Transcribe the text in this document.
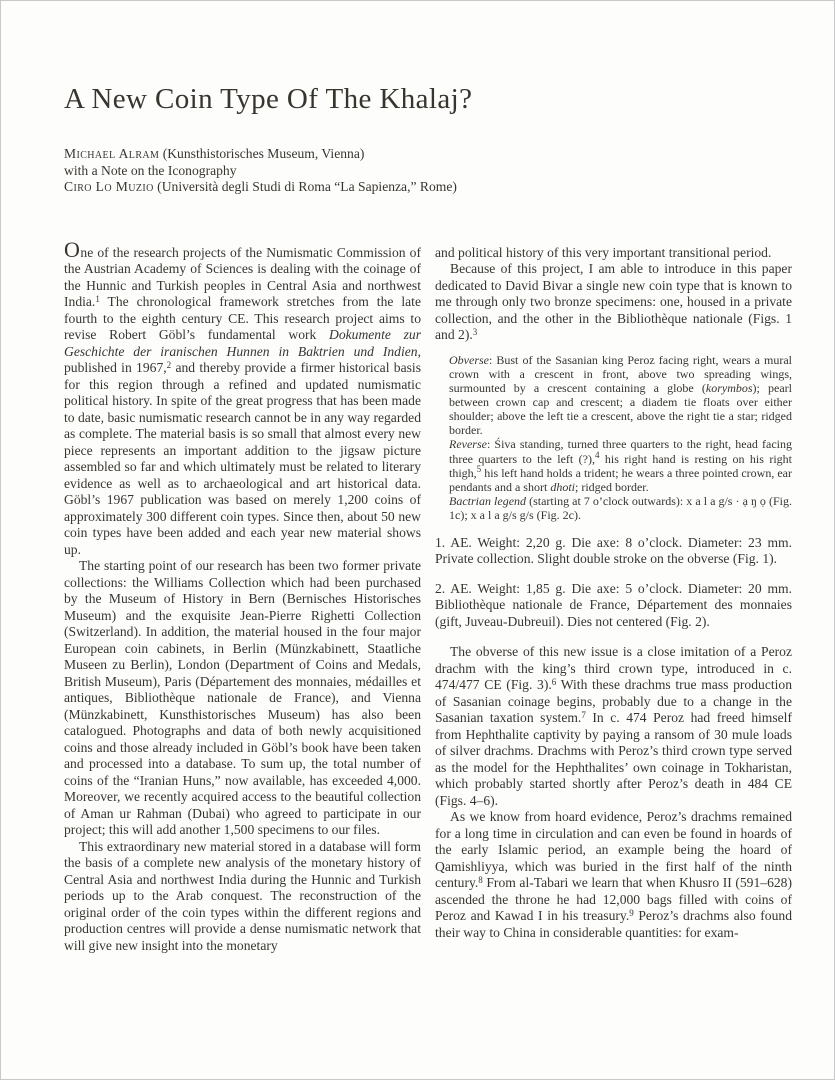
A New Coin Type Of The Khalaj?

Michael Alram (Kunsthistorisches Museum, Vienna)

with a Note on the Iconography

Ciro Lo Muzio (Università degli Studi di Roma “La Sapienza,” Rome)

One of the research projects of the Numismatic Commission of the Austrian Academy of Sciences is dealing with the coinage of the Hunnic and Turkish peoples in Central Asia and northwest India.$^1$ The chronological framework stretches from the late fourth to the eighth century CE. This research project aims to revise Robert Göbl’s fundamental work Dokumente zur Geschichte der iranischen Hunnen in Baktrien und Indien, published in 1967,$^2$ and thereby provide a firmer historical basis for this region through a refined and updated numismatic political history. In spite of the great progress that has been made to date, basic numismatic research cannot be in any way regarded as complete. The material basis is so small that almost every new piece represents an important addition to the jigsaw picture assembled so far and which ultimately must be related to literary evidence as well as to archaeological and art historical data. Göbl’s 1967 publication was based on merely 1,200 coins of approximately 300 different coin types. Since then, about 50 new coin types have been added and each year new material shows up.

The starting point of our research has been two former private collections: the Williams Collection which had been purchased by the Museum of History in Bern (Bernisches Historisches Museum) and the exquisite Jean-Pierre Righetti Collection (Switzerland). In addition, the material housed in the four major European coin cabinets, in Berlin (Münzkabinett, Staatliche Museen zu Berlin), London (Department of Coins and Medals, British Museum), Paris (Département des monnaies, médailles et antiques, Bibliothèque nationale de France), and Vienna (Münzkabinett, Kunsthistorisches Museum) has also been catalogued. Photographs and data of both newly acquisitioned coins and those already included in Göbl’s book have been taken and processed into a database. To sum up, the total number of coins of the “Iranian Huns,” now available, has exceeded 4,000. Moreover, we recently acquired access to the beautiful collection of Aman ur Rahman (Dubai) who agreed to participate in our project; this will add another 1,500 specimens to our files.

This extraordinary new material stored in a database will form the basis of a complete new analysis of the monetary history of Central Asia and northwest India during the Hunnic and Turkish periods up to the Arab conquest. The reconstruction of the original order of the coin types within the different regions and production centres will provide a dense numismatic network that will give new insight into the monetary

and political history of this very important transitional period.

Because of this project, I am able to introduce in this paper dedicated to David Bivar a single new coin type that is known to me through only two bronze specimens: one, housed in a private collection, and the other in the Bibliothèque nationale (Figs. 1 and 2).$^3$

Obverse: Bust of the Sasanian king Peroz facing right, wears a mural crown with a crescent in front, above two spreading wings, surmounted by a crescent containing a globe (korymbos); pearl between crown cap and crescent; a diadem tie floats over either shoulder; above the left tie a crescent, above the right tie a star; ridged border.

Reverse: Śiva standing, turned three quarters to the right, head facing three quarters to the left (?),$^4$ his right hand is resting on his right thigh,$^5$ his left hand holds a trident; he wears a three pointed crown, ear pendants and a short dhoti; ridged border.

Bactrian legend (starting at 7 o’clock outwards): x a l a g/s · ạ ŋ ọ (Fig. 1c); x a l a g/s g/s (Fig. 2c).

1. AE. Weight: 2,20 g. Die axe: 8 o’clock. Diameter: 23 mm. Private collection. Slight double stroke on the obverse (Fig. 1).

2. AE. Weight: 1,85 g. Die axe: 5 o’clock. Diameter: 20 mm. Bibliothèque nationale de France, Département des monnaies (gift, Juveau-Dubreuil). Dies not centered (Fig. 2).

The obverse of this new issue is a close imitation of a Peroz drachm with the king’s third crown type, introduced in c. 474/477 CE (Fig. 3).$^6$ With these drachms true mass production of Sasanian coinage begins, probably due to a change in the Sasanian taxation system.$^7$ In c. 474 Peroz had freed himself from Hephthalite captivity by paying a ransom of 30 mule loads of silver drachms. Drachms with Peroz’s third crown type served as the model for the Hephthalites’ own coinage in Tokharistan, which probably started shortly after Peroz’s death in 484 CE (Figs. 4–6).

As we know from hoard evidence, Peroz’s drachms remained for a long time in circulation and can even be found in hoards of the early Islamic period, an example being the hoard of Qamishliyya, which was buried in the first half of the ninth century.$^8$ From al-Tabari we learn that when Khusro II (591–628) ascended the throne he had 12,000 bags filled with coins of Peroz and Kawad I in his treasury.$^9$ Peroz’s drachms also found their way to China in considerable quantities: for exam-
